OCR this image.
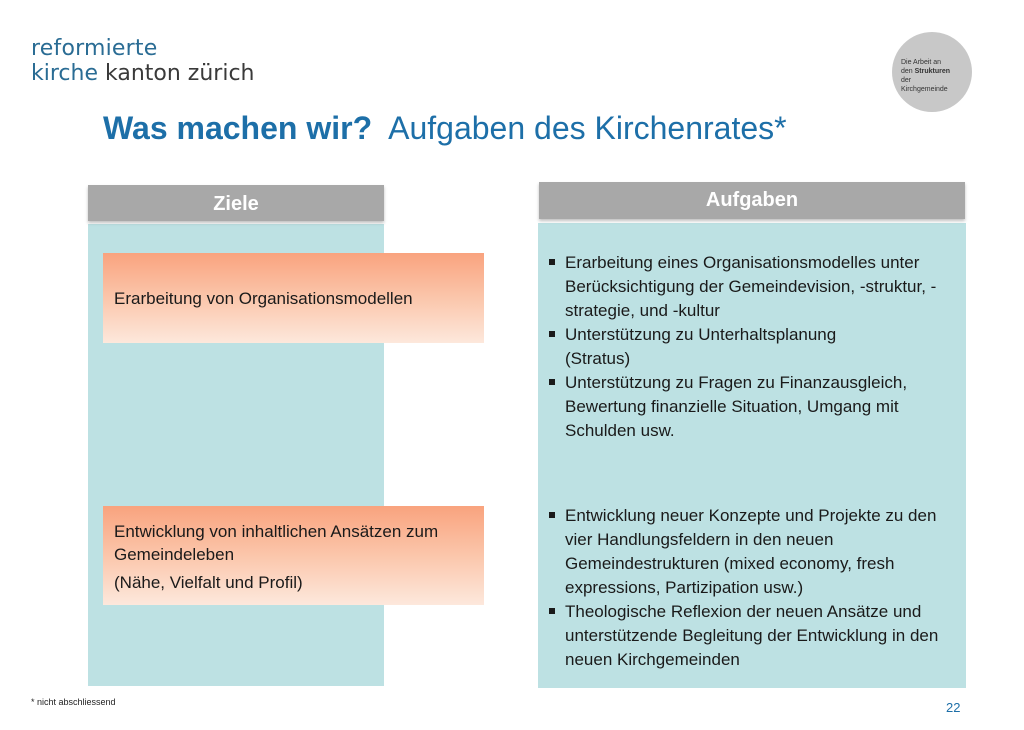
reformierte
kirche kanton zürich	Die Arbeit an
den Strukturen
der
Kirchgemeinde
Was machen wir?  Aufgaben des Kirchenrates*
Ziele	Aufgaben
Erarbeitung von Organisationsmodellen
Entwicklung von inhaltlichen Ansätzen zum Gemeindeleben
(Nähe, Vielfalt und Profil)
Erarbeitung eines Organisationsmodelles unter Berücksichtigung der Gemeindevision, -struktur, -strategie, und -kultur
Unterstützung zu Unterhaltsplanung (Stratus)
Unterstützung zu Fragen zu Finanzausgleich, Bewertung finanzielle Situation, Umgang mit Schulden usw.
Entwicklung neuer Konzepte und Projekte zu den vier Handlungsfeldern in den neuen Gemeindestrukturen (mixed economy, fresh expressions, Partizipation usw.)
Theologische Reflexion der neuen Ansätze und unterstützende Begleitung der Entwicklung in den neuen Kirchgemeinden
* nicht abschliessend	22
